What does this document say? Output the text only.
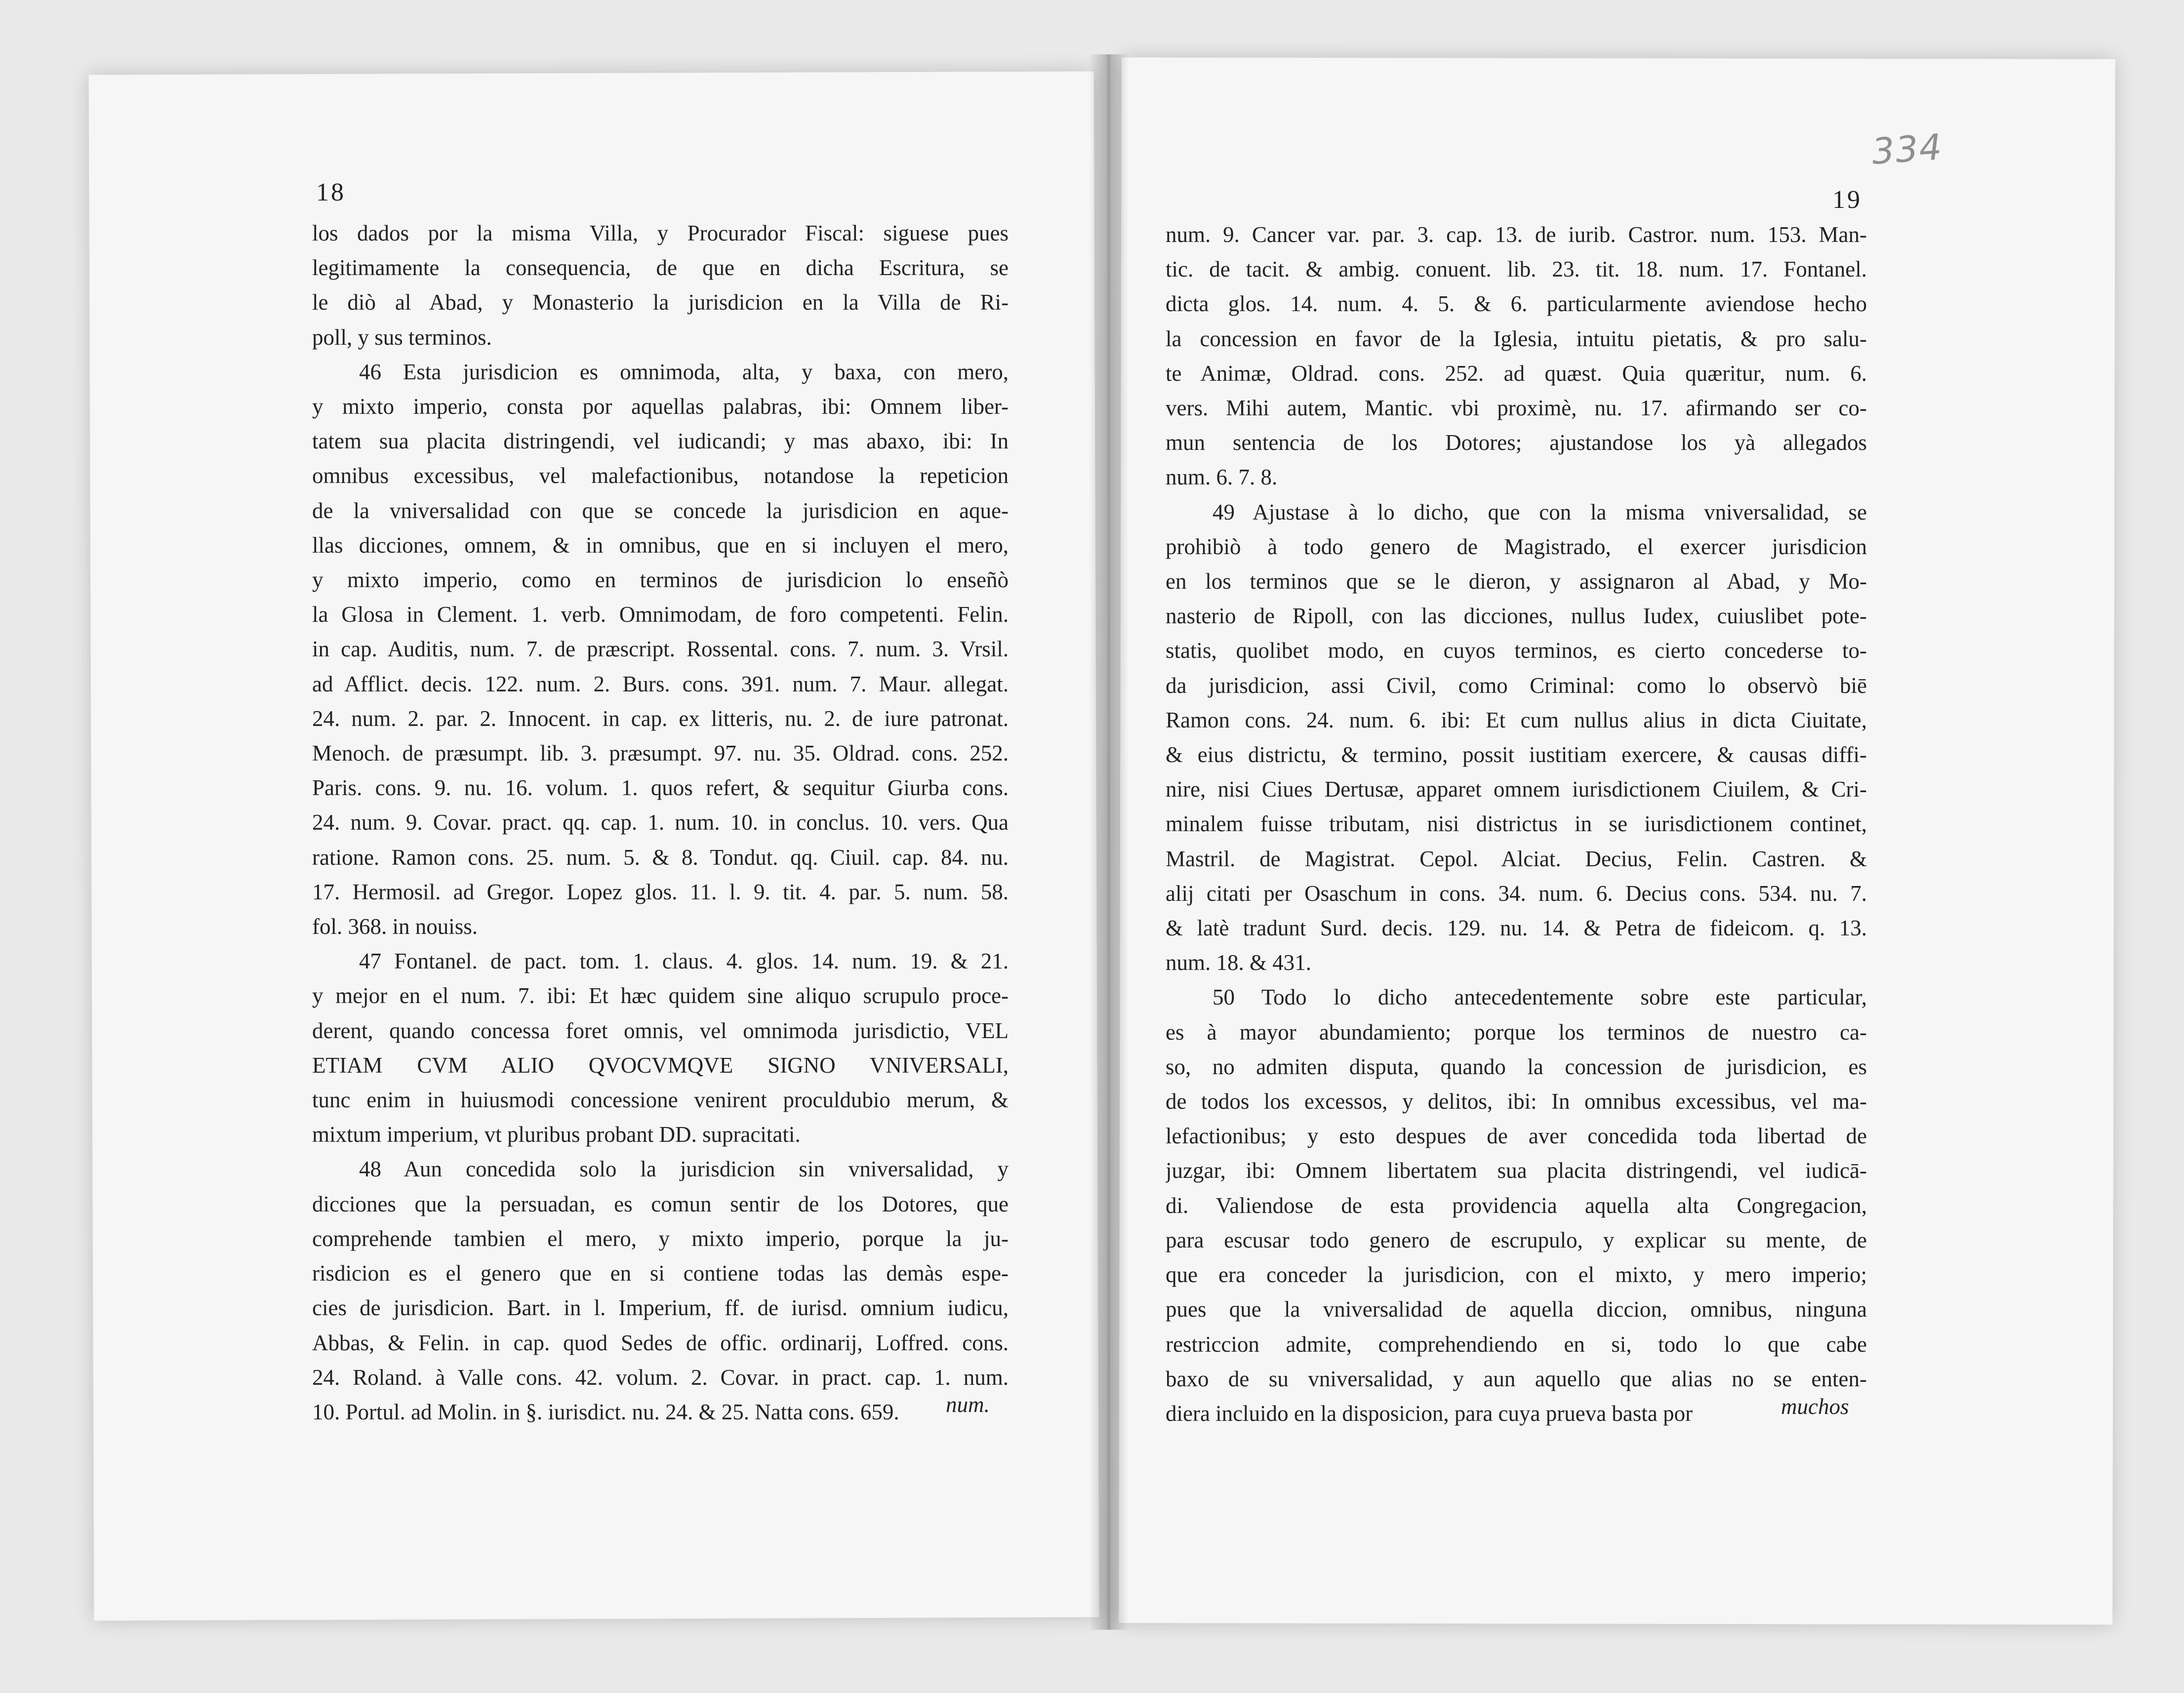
18	19
334
los dados por la misma Villa, y Procurador Fiscal: siguese pues
legitimamente la consequencia, de que en dicha Escritura, se
le diò al Abad, y Monasterio la jurisdicion en la Villa de Ri-
poll, y sus terminos.
46 Esta jurisdicion es omnimoda, alta, y baxa, con mero,
y mixto imperio, consta por aquellas palabras, ibi: Omnem liber-
tatem sua placita distringendi, vel iudicandi; y mas abaxo, ibi: In
omnibus excessibus, vel malefactionibus, notandose la repeticion
de la vniversalidad con que se concede la jurisdicion en aque-
llas dicciones, omnem, & in omnibus, que en si incluyen el mero,
y mixto imperio, como en terminos de jurisdicion lo enseñò
la Glosa in Clement. 1. verb. Omnimodam, de foro competenti. Felin.
in cap. Auditis, num. 7. de præscript. Rossental. cons. 7. num. 3. Vrsil.
ad Afflict. decis. 122. num. 2. Burs. cons. 391. num. 7. Maur. allegat.
24. num. 2. par. 2. Innocent. in cap. ex litteris, nu. 2. de iure patronat.
Menoch. de præsumpt. lib. 3. præsumpt. 97. nu. 35. Oldrad. cons. 252.
Paris. cons. 9. nu. 16. volum. 1. quos refert, & sequitur Giurba cons.
24. num. 9. Covar. pract. qq. cap. 1. num. 10. in conclus. 10. vers. Qua
ratione. Ramon cons. 25. num. 5. & 8. Tondut. qq. Ciuil. cap. 84. nu.
17. Hermosil. ad Gregor. Lopez glos. 11. l. 9. tit. 4. par. 5. num. 58.
fol. 368. in nouiss.
47 Fontanel. de pact. tom. 1. claus. 4. glos. 14. num. 19. & 21.
y mejor en el num. 7. ibi: Et hæc quidem sine aliquo scrupulo proce-
derent, quando concessa foret omnis, vel omnimoda jurisdictio, VEL
ETIAM CVM ALIO QVOCVMQVE SIGNO VNIVERSALI,
tunc enim in huiusmodi concessione venirent proculdubio merum, &
mixtum imperium, vt pluribus probant DD. supracitati.
48 Aun concedida solo la jurisdicion sin vniversalidad, y
dicciones que la persuadan, es comun sentir de los Dotores, que
comprehende tambien el mero, y mixto imperio, porque la ju-
risdicion es el genero que en si contiene todas las demàs espe-
cies de jurisdicion. Bart. in l. Imperium, ff. de iurisd. omnium iudicu,
Abbas, & Felin. in cap. quod Sedes de offic. ordinarij, Loffred. cons.
24. Roland. à Valle cons. 42. volum. 2. Covar. in pract. cap. 1. num.
10. Portul. ad Molin. in §. iurisdict. nu. 24. & 25. Natta cons. 659.
num. 9. Cancer var. par. 3. cap. 13. de iurib. Castror. num. 153. Man-
tic. de tacit. & ambig. conuent. lib. 23. tit. 18. num. 17. Fontanel.
dicta glos. 14. num. 4. 5. & 6. particularmente aviendose hecho
la concession en favor de la Iglesia, intuitu pietatis, & pro salu-
te Animæ, Oldrad. cons. 252. ad quæst. Quia quæritur, num. 6.
vers. Mihi autem, Mantic. vbi proximè, nu. 17. afirmando ser co-
mun sentencia de los Dotores; ajustandose los yà allegados
num. 6. 7. 8.
49 Ajustase à lo dicho, que con la misma vniversalidad, se
prohibiò à todo genero de Magistrado, el exercer jurisdicion
en los terminos que se le dieron, y assignaron al Abad, y Mo-
nasterio de Ripoll, con las dicciones, nullus Iudex, cuiuslibet pote-
statis, quolibet modo, en cuyos terminos, es cierto concederse to-
da jurisdicion, assi Civil, como Criminal: como lo observò biē
Ramon cons. 24. num. 6. ibi: Et cum nullus alius in dicta Ciuitate,
& eius districtu, & termino, possit iustitiam exercere, & causas diffi-
nire, nisi Ciues Dertusæ, apparet omnem iurisdictionem Ciuilem, & Cri-
minalem fuisse tributam, nisi districtus in se iurisdictionem continet,
Mastril. de Magistrat. Cepol. Alciat. Decius, Felin. Castren. &
alij citati per Osaschum in cons. 34. num. 6. Decius cons. 534. nu. 7.
& latè tradunt Surd. decis. 129. nu. 14. & Petra de fideicom. q. 13.
num. 18. & 431.
50 Todo lo dicho antecedentemente sobre este particular,
es à mayor abundamiento; porque los terminos de nuestro ca-
so, no admiten disputa, quando la concession de jurisdicion, es
de todos los excessos, y delitos, ibi: In omnibus excessibus, vel ma-
lefactionibus; y esto despues de aver concedida toda libertad de
juzgar, ibi: Omnem libertatem sua placita distringendi, vel iudicā-
di. Valiendose de esta providencia aquella alta Congregacion,
para escusar todo genero de escrupulo, y explicar su mente, de
que era conceder la jurisdicion, con el mixto, y mero imperio;
pues que la vniversalidad de aquella diccion, omnibus, ninguna
restriccion admite, comprehendiendo en si, todo lo que cabe
baxo de su vniversalidad, y aun aquello que alias no se enten-
diera incluido en la disposicion, para cuya prueva basta por
num.	muchos
